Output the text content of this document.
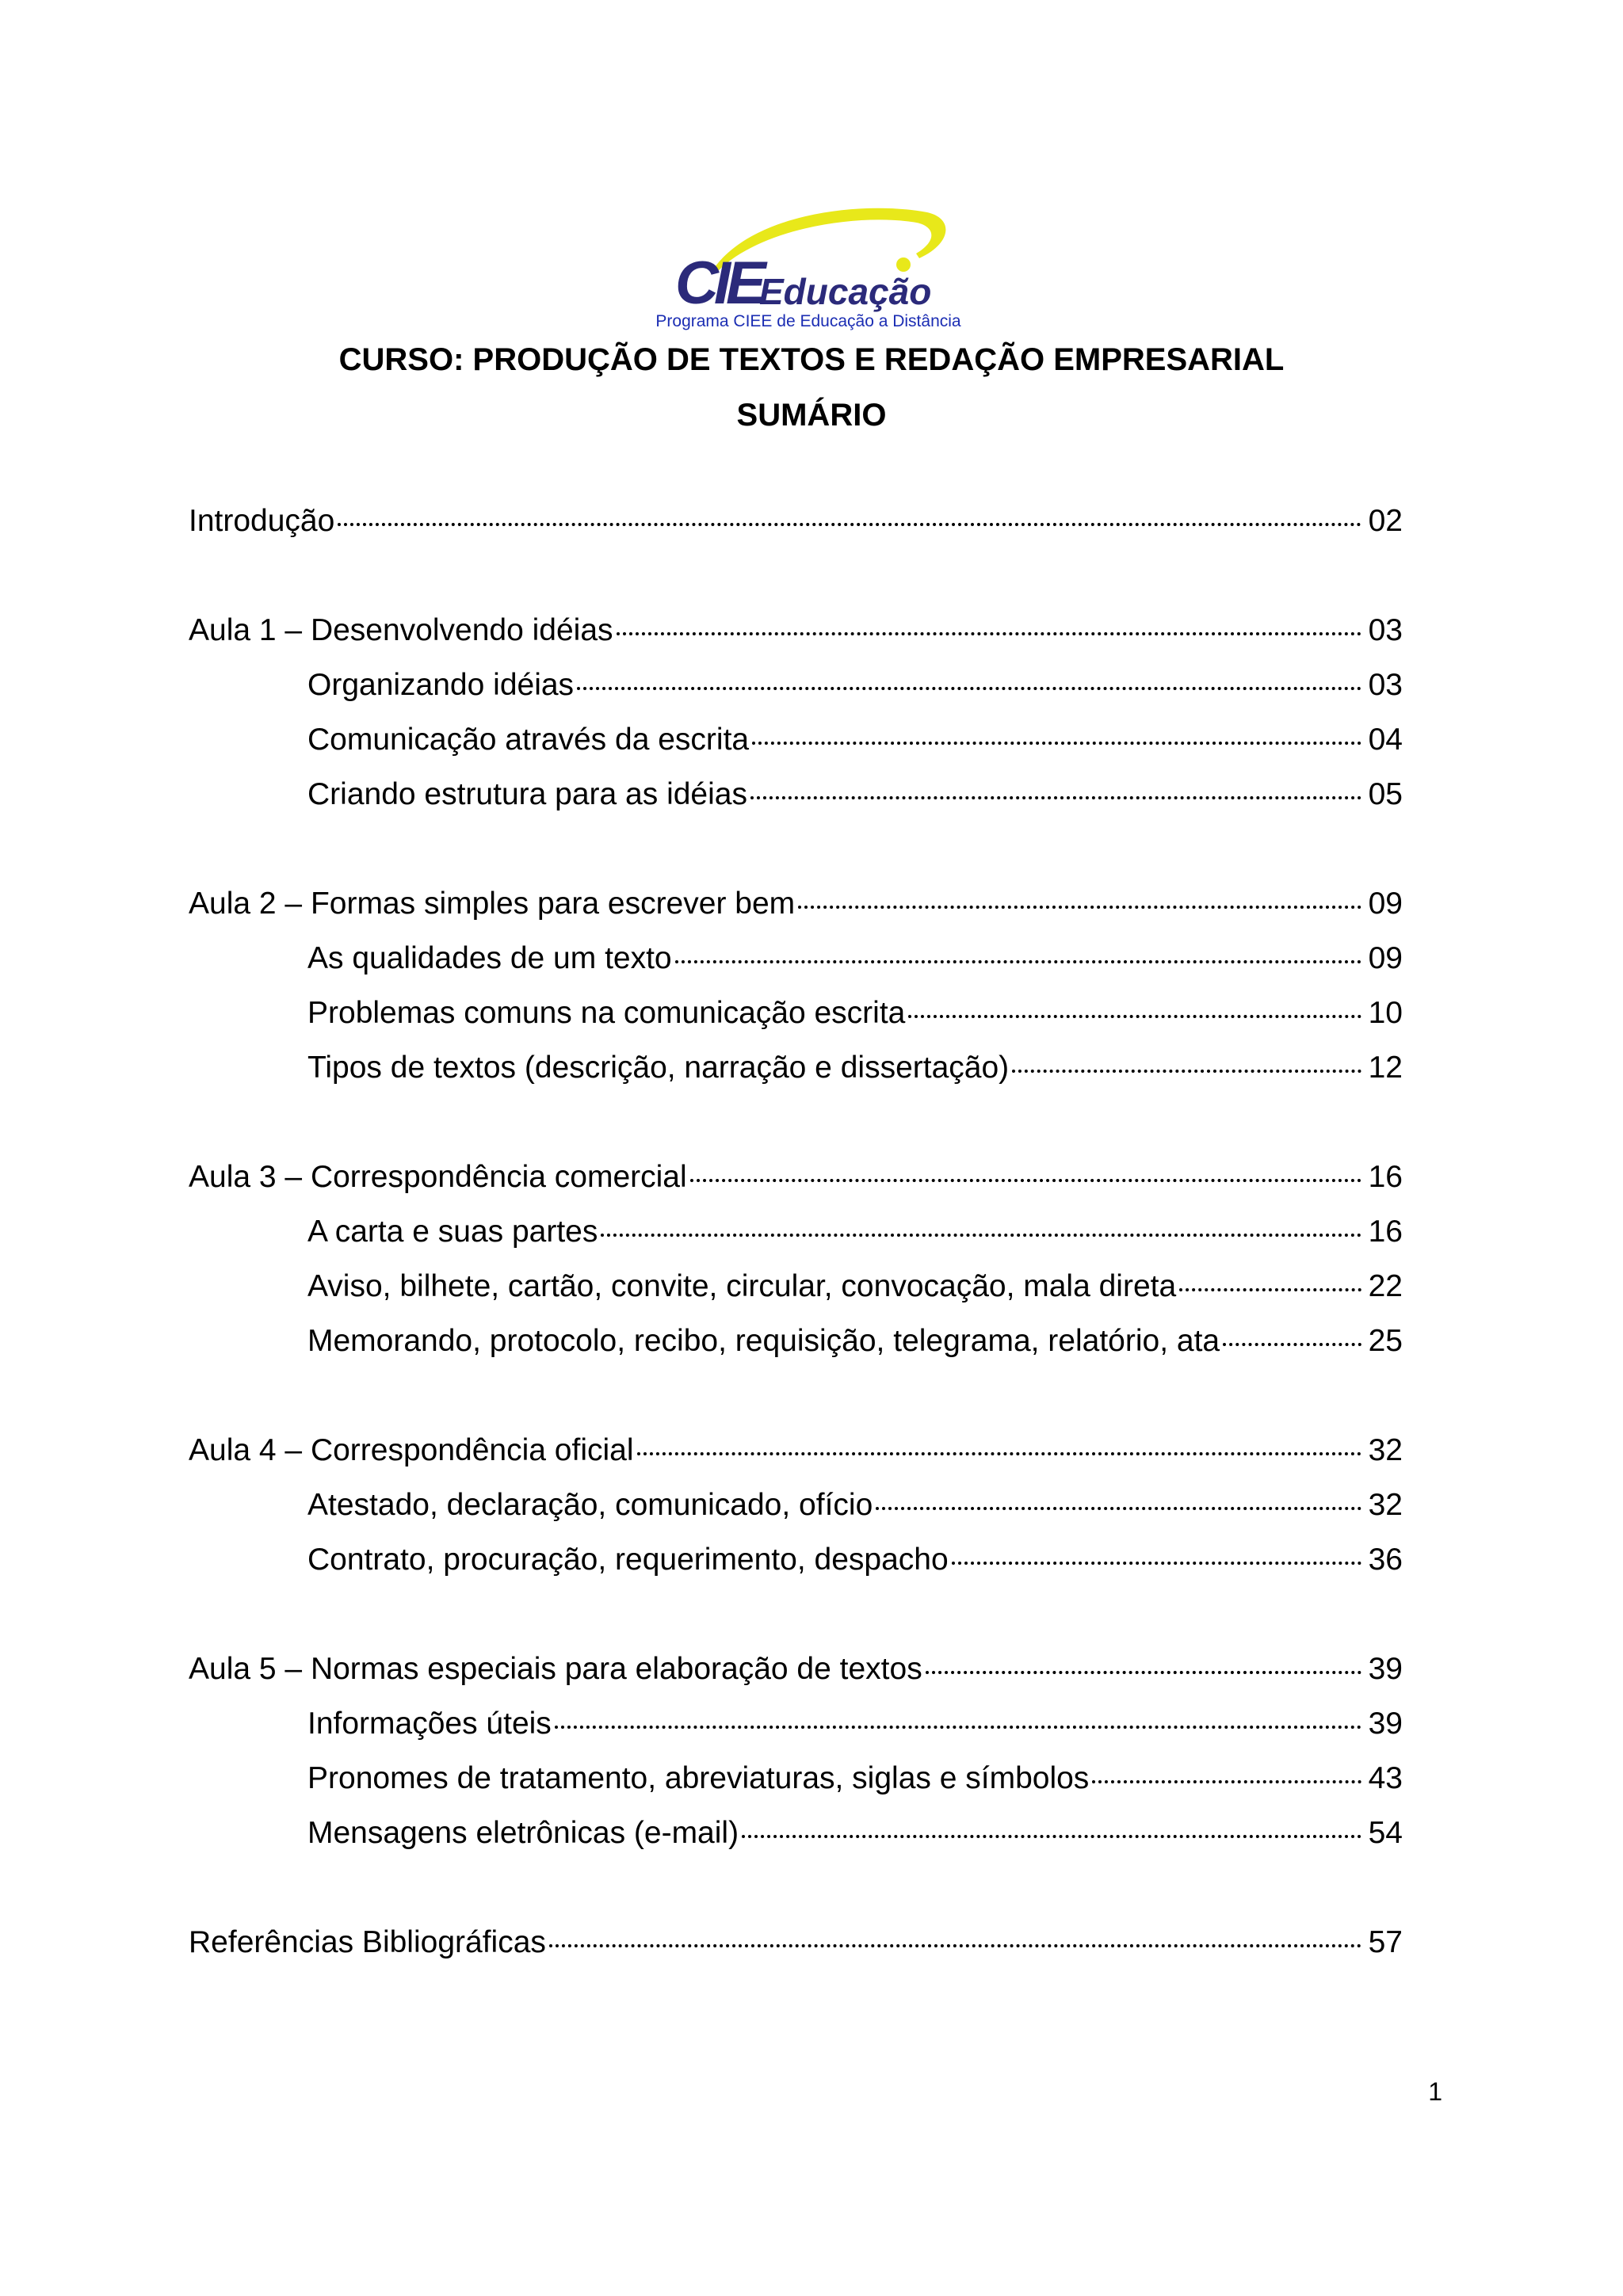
CIE
Educação
Programa CIEE de Educação a Distância
CURSO: PRODUÇÃO DE TEXTOS E REDAÇÃO EMPRESARIAL
SUMÁRIO
Introdução	02
Aula 1 – Desenvolvendo idéias	03
Organizando idéias	03
Comunicação através da escrita	04
Criando estrutura para as idéias	05
Aula 2 – Formas simples para escrever bem	09
As qualidades de um texto	09
Problemas comuns na comunicação escrita	10
Tipos de textos (descrição, narração e dissertação)	12
Aula 3 – Correspondência comercial	16
A carta e suas partes	16
Aviso, bilhete, cartão, convite, circular, convocação, mala direta	22
Memorando, protocolo, recibo, requisição, telegrama, relatório, ata	25
Aula 4 – Correspondência oficial	32
Atestado, declaração, comunicado, ofício	32
Contrato, procuração, requerimento, despacho	36
Aula 5 – Normas especiais para elaboração de textos	39
Informações úteis	39
Pronomes de tratamento, abreviaturas, siglas e símbolos	43
Mensagens eletrônicas (e-mail)	54
Referências Bibliográficas	57
1
